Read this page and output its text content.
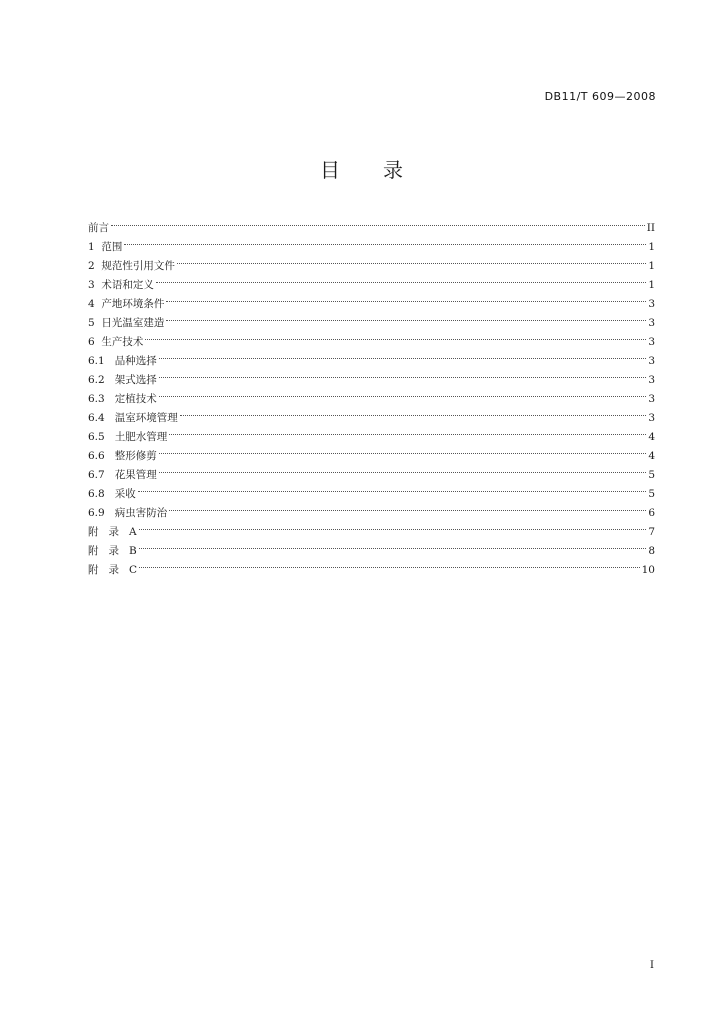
DB11/T 609—2008
目 录
前言	II
1  范围	1
2  规范性引用文件	1
3  术语和定义	1
4  产地环境条件	3
5  日光温室建造	3
6  生产技术	3
6.1   品种选择	3
6.2   架式选择	3
6.3   定植技术	3
6.4   温室环境管理	3
6.5   土肥水管理	4
6.6   整形修剪	4
6.7   花果管理	5
6.8   采收	5
6.9   病虫害防治	6
附   录   A	7
附   录   B	8
附   录   C	10
I
